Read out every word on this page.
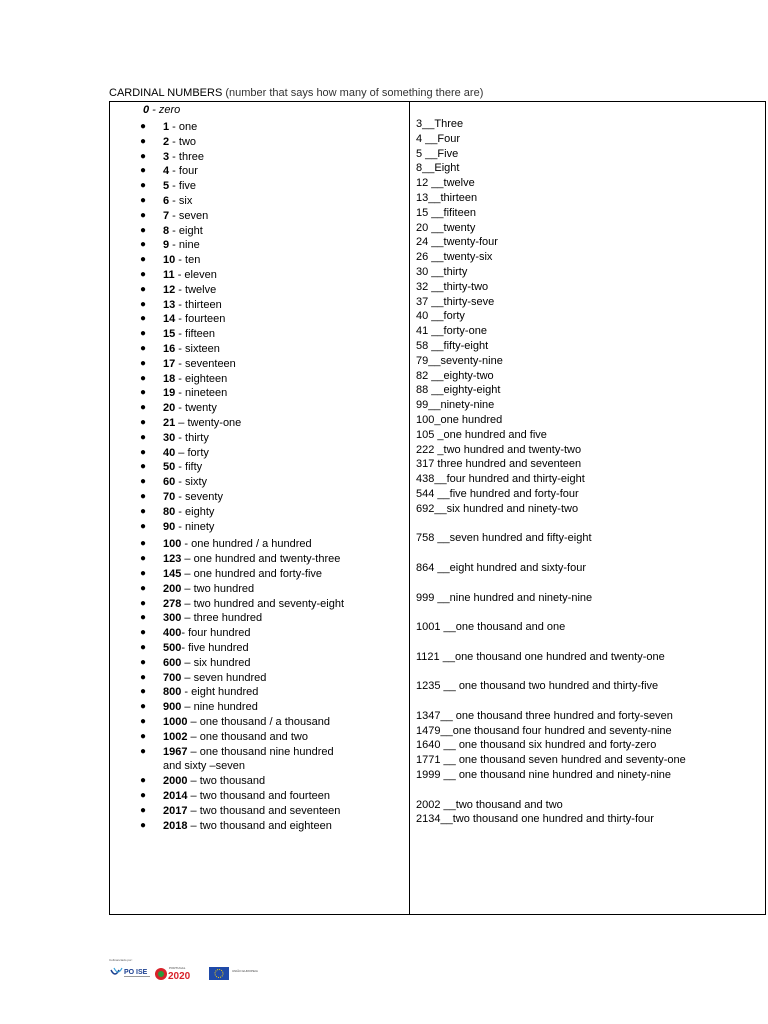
CARDINAL NUMBERS (number that says how many of something there are)
0 - zero
● 1 - one
● 2 - two
● 3 - three
● 4 - four
● 5 - five
● 6 - six
● 7 - seven
● 8 - eight
● 9 - nine
● 10 - ten
● 11 - eleven
● 12 - twelve
● 13 - thirteen
● 14 - fourteen
● 15 - fifteen
● 16 - sixteen
● 17 - seventeen
● 18 - eighteen
● 19 - nineteen
● 20 - twenty
● 21 – twenty-one
● 30 - thirty
● 40 – forty
● 50 - fifty
● 60 - sixty
● 70 - seventy
● 80 - eighty
● 90 - ninety
● 100 - one hundred / a hundred
● 123 – one hundred and twenty-three
● 145 – one hundred and forty-five
● 200 – two hundred
● 278 – two hundred and seventy-eight
● 300 – three hundred
● 400- four hundred
● 500- five hundred
● 600 – six hundred
● 700 – seven hundred
● 800 - eight hundred
● 900 – nine hundred
● 1000 – one thousand / a thousand
● 1002 – one thousand and two
● 1967 – one thousand nine hundred
and sixty –seven
● 2000 – two thousand
● 2014 – two thousand and fourteen
● 2017 – two thousand and seventeen
● 2018 – two thousand and eighteen
3__Three
4 __Four
5 __Five
8__Eight
12 __twelve
13__thirteen
15 __fifiteen
20 __twenty
24 __twenty-four
26 __twenty-six
30 __thirty
32 __thirty-two
37 __thirty-seve
40 __forty
41 __forty-one
58 __fifty-eight
79__seventy-nine
82 __eighty-two
88 __eighty-eight
99__ninety-nine
100_one hundred
105 _one hundred and five
222 _two hundred and twenty-two
317 three hundred and seventeen
438__four hundred and thirty-eight
544 __five hundred and forty-four
692__six hundred and ninety-two
758 __seven hundred and fifty-eight
864 __eight hundred and sixty-four
999 __nine hundred and ninety-nine
1001 __one thousand and one
1121 __one thousand one hundred and twenty-one
1235 __ one thousand two hundred and thirty-five
1347__ one thousand three hundred and forty-seven
1479__one thousand four hundred and seventy-nine
1640 __ one thousand six hundred and forty-zero
1771 __ one thousand seven hundred and seventy-one
1999 __ one thousand nine hundred and ninety-nine
2002 __two thousand and two
2134__two thousand one hundred and thirty-four
Cofinanciado por:
PO ISE
PORTUGAL
2020	UNIÃO EUROPEIA
